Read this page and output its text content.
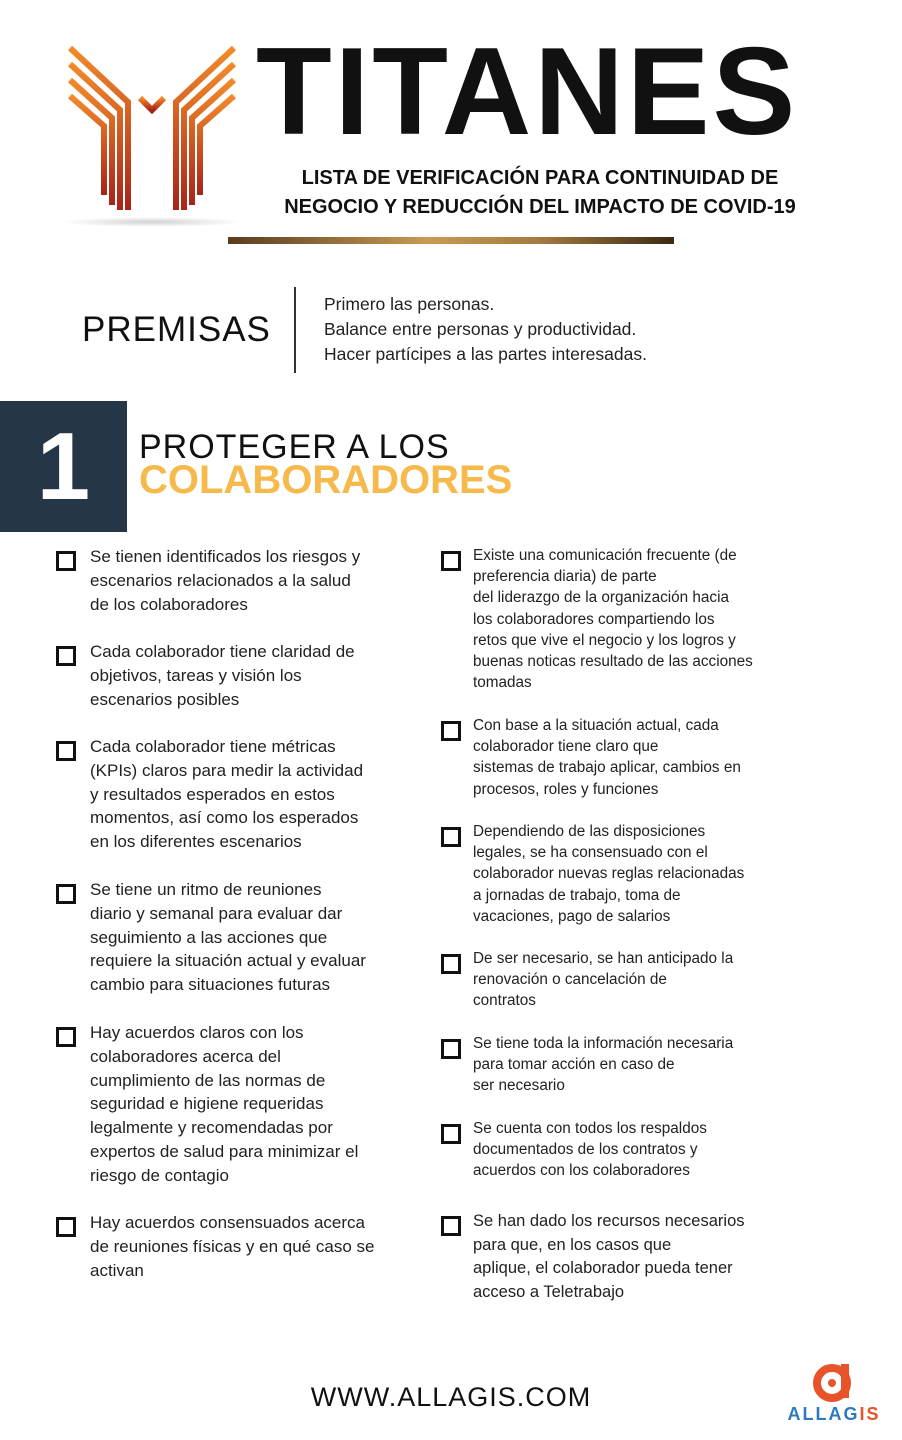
TITANES
LISTA DE VERIFICACIÓN PARA CONTINUIDAD DE
NEGOCIO Y REDUCCIÓN DEL IMPACTO DE COVID-19
PREMISAS
Primero las personas.
Balance entre personas y productividad.
Hacer partícipes a las partes interesadas.
1	PROTEGER A LOS
COLABORADORES
Se tienen identificados los riesgos y
escenarios relacionados a la salud
de los colaboradores
Cada colaborador tiene claridad de
objetivos, tareas y visión los
escenarios posibles
Cada colaborador tiene métricas
(KPIs) claros para medir la actividad
y resultados esperados en estos
momentos, así como los esperados
en los diferentes escenarios
Se tiene un ritmo de reuniones
diario y semanal para evaluar dar
seguimiento a las acciones que
requiere la situación actual y evaluar
cambio para situaciones futuras
Hay acuerdos claros con los
colaboradores acerca del
cumplimiento de las normas de
seguridad e higiene requeridas
legalmente y recomendadas por
expertos de salud para minimizar el
riesgo de contagio
Hay acuerdos consensuados acerca
de reuniones físicas y en qué caso se
activan
Existe una comunicación frecuente (de
preferencia diaria) de parte
del liderazgo de la organización hacia
los colaboradores compartiendo los
retos que vive el negocio y los logros y
buenas noticas resultado de las acciones
tomadas
Con base a la situación actual, cada
colaborador tiene claro que
sistemas de trabajo aplicar, cambios en
procesos, roles y funciones
Dependiendo de las disposiciones
legales, se ha consensuado con el
colaborador nuevas reglas relacionadas
a jornadas de trabajo, toma de
vacaciones, pago de salarios
De ser necesario, se han anticipado la
renovación o cancelación de
contratos
Se tiene toda la información necesaria
para tomar acción en caso de
ser necesario
Se cuenta con todos los respaldos
documentados de los contratos y
acuerdos con los colaboradores
Se han dado los recursos necesarios
para que, en los casos que
aplique, el colaborador pueda tener
acceso a Teletrabajo
WWW.ALLAGIS.COM
ALLAGIS
